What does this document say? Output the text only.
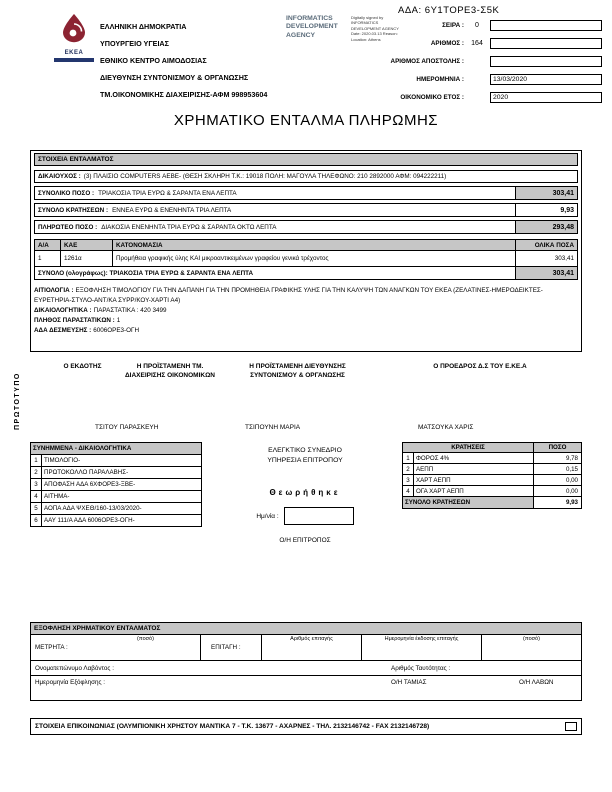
ΑΔΑ: 6Υ1ΤΟΡΕ3-Σ5Κ
ΕΚΕΑ
ΕΛΛΗΝΙΚΗ ΔΗΜΟΚΡΑΤΙΑ
ΥΠΟΥΡΓΕΙΟ ΥΓΕΙΑΣ
ΕΘΝΙΚΟ ΚΕΝΤΡΟ ΑΙΜΟΔΟΣΙΑΣ
ΔΙΕΥΘΥΝΣΗ ΣΥΝΤΟΝΙΣΜΟΥ & ΟΡΓΑΝΩΣΗΣ
ΤΜ.ΟΙΚΟΝΟΜΙΚΗΣ ΔΙΑΧΕΙΡΙΣΗΣ-ΑΦΜ 998953604
INFORMATICS DEVELOPMENT AGENCY
Digitally signed by INFORMATICS DEVELOPMENT AGENCY Date: 2020.03.13 Reason: Location: Athens
ΣΕΙΡΑ :	0
ΑΡΙΘΜΟΣ :	164
ΑΡΙΘΜΟΣ ΑΠΟΣΤΟΛΗΣ :
ΗΜΕΡΟΜΗΝΙΑ :	13/03/2020
ΟΙΚΟΝΟΜΙΚΟ ΕΤΟΣ :	2020
ΧΡΗΜΑΤΙΚΟ ΕΝΤΑΛΜΑ ΠΛΗΡΩΜΗΣ
ΣΤΟΙΧΕΙΑ ΕΝΤΑΛΜΑΤΟΣ
ΔΙΚΑΙΟΥΧΟΣ : (3) ΠΛΑΙΣΙΟ COMPUTERS ΑΕΒΕ- (ΘΕΣΗ ΣΚΛΗΡΗ Τ.Κ.: 19018 ΠΟΛΗ: ΜΑΓΟΥΛΑ ΤΗΛΕΦΩΝΟ: 210 2892000 ΑΦΜ: 094222211)
ΣΥΝΟΛΙΚΟ ΠΟΣΟ : ΤΡΙΑΚΟΣΙΑ ΤΡΙΑ ΕΥΡΩ & ΣΑΡΑΝΤΑ ΕΝΑ ΛΕΠΤΑ	303,41
ΣΥΝΟΛΟ ΚΡΑΤΗΣΕΩΝ : ΕΝΝΕΑ ΕΥΡΩ & ΕΝΕΝΗΝΤΑ ΤΡΙΑ ΛΕΠΤΑ	9,93
ΠΛΗΡΩΤΕΟ ΠΟΣΟ : ΔΙΑΚΟΣΙΑ ΕΝΕΝΗΝΤΑ ΤΡΙΑ ΕΥΡΩ & ΣΑΡΑΝΤΑ ΟΚΤΩ ΛΕΠΤΑ	293,48
Α/Α	ΚΑΕ	ΚΑΤΟΝΟΜΑΣΙΑ	ΟΛΙΚΑ ΠΟΣΑ
1	1261α	Προμήθεια γραφικής ύλης ΚΑΙ μικροαντικειμένων γραφείου γενικά τρέχοντος	303,41
ΣΥΝΟΛΟ (ολογράφως): ΤΡΙΑΚΟΣΙΑ ΤΡΙΑ ΕΥΡΩ & ΣΑΡΑΝΤΑ ΕΝΑ ΛΕΠΤΑ	303,41
ΑΙΤΙΟΛΟΓΙΑ : ΕΞΟΦΛΗΣΗ ΤΙΜΟΛΟΓΙΟΥ ΓΙΑ ΤΗΝ ΔΑΠΑΝΗ ΓΙΑ ΤΗΝ ΠΡΟΜΗΘΕΙΑ ΓΡΑΦΙΚΗΣ ΥΛΗΣ ΓΙΑ ΤΗΝ ΚΑΛΥΨΗ ΤΩΝ ΑΝΑΓΚΩΝ ΤΟΥ ΕΚΕΑ (ΖΕΛΑΤΙΝΕΣ-ΗΜΕΡΟΔΕΙΚΤΕΣ-ΕΥΡΕΤΗΡΙΑ-ΣΤΥΛΟ-ΑΝΤ/ΚΑ ΣΥΡΡ/ΚΟΥ-ΧΑΡΤΙ Α4)
ΔΙΚΑΙΟΛΟΓΗΤΙΚΑ : ΠΑΡΑΣΤΑΤΙΚΑ : 420 3499
ΠΛΗΘΟΣ ΠΑΡΑΣΤΑΤΙΚΩΝ : 1
ΑΔΑ ΔΕΣΜΕΥΣΗΣ : 6006ΟΡΕ3-ΟΓΗ
Ο ΕΚΔΟΤΗΣ	Η ΠΡΟΪΣΤΑΜΕΝΗ ΤΜ.
ΔΙΑΧΕΙΡΙΣΗΣ ΟΙΚΟΝΟΜΙΚΩΝ
Η ΠΡΟΪΣΤΑΜΕΝΗ ΔΙΕΥΘΥΝΣΗΣ
ΣΥΝΤΟΝΙΣΜΟΥ & ΟΡΓΑΝΩΣΗΣ
Ο ΠΡΟΕΔΡΟΣ Δ.Σ ΤΟΥ Ε.ΚΕ.Α
ΠΡΩΤΟΤΥΠΟ	ΤΣΙΤΟΥ ΠΑΡΑΣΚΕΥΗ	ΤΣΙΠΟΥΝΗ ΜΑΡΙΑ	ΜΑΤΣΟΥΚΑ ΧΑΡΙΣ
ΣΥΝΗΜΜΕΝΑ - ΔΙΚΑΙΟΛΟΓΗΤΙΚΑ
1	ΤΙΜΟΛΟΓΙΟ-
2	ΠΡΩΤΟΚΟΛΛΟ ΠΑΡΑΛΑΒΗΣ-
3	ΑΠΟΦΑΣΗ ΑΔΑ 6ΧΦΟΡΕ3-ΞΒΕ-
4	ΑΙΤΗΜΑ-
5	ΑΟΠΑ ΑΔΑ ΨΧΕΘ/160-13/03/2020-
6	ΑΑΥ 111/Α ΑΔΑ 6006ΟΡΕ3-ΟΓΗ-
ΕΛΕΓΚΤΙΚΟ ΣΥΝΕΔΡΙΟ
ΥΠΗΡΕΣΙΑ ΕΠΙΤΡΟΠΟΥ
Θεωρήθηκε
Ημ/νία :
Ο/Η ΕΠΙΤΡΟΠΟΣ
ΚΡΑΤΗΣΕΙΣ	ΠΟΣΟ
1	ΦΟΡΟΣ 4%	9,78
2	ΑΕΠΠ	0,15
3	ΧΑΡΤ ΑΕΠΠ	0,00
4	ΟΓΑ ΧΑΡΤ ΑΕΠΠ	0,00
ΣΥΝΟΛΟ ΚΡΑΤΗΣΕΩΝ	9,93
ΕΞΟΦΛΗΣΗ ΧΡΗΜΑΤΙΚΟΥ ΕΝΤΑΛΜΑΤΟΣ
ΜΕΤΡΗΤΑ :
(ποσό)
ΕΠΙΤΑΓΗ :
Αριθμός επιταγής	Ημερομηνία έκδοσης επιταγής	(ποσό)
Ονοματεπώνυμο Λαβόντος :	Αριθμός Ταυτότητας :
Ημερομηνία Εξόφλησης :	Ο/Η ΤΑΜΙΑΣ	Ο/Η ΛΑΒΩΝ
ΣΤΟΙΧΕΙΑ ΕΠΙΚΟΙΝΩΝΙΑΣ (ΟΛΥΜΠΙΟΝΙΚΗ ΧΡΗΣΤΟΥ ΜΑΝΤΙΚΑ 7 - Τ.Κ. 13677 - ΑΧΑΡΝΕΣ - ΤΗΛ. 2132146742 - FAX 2132146728)
